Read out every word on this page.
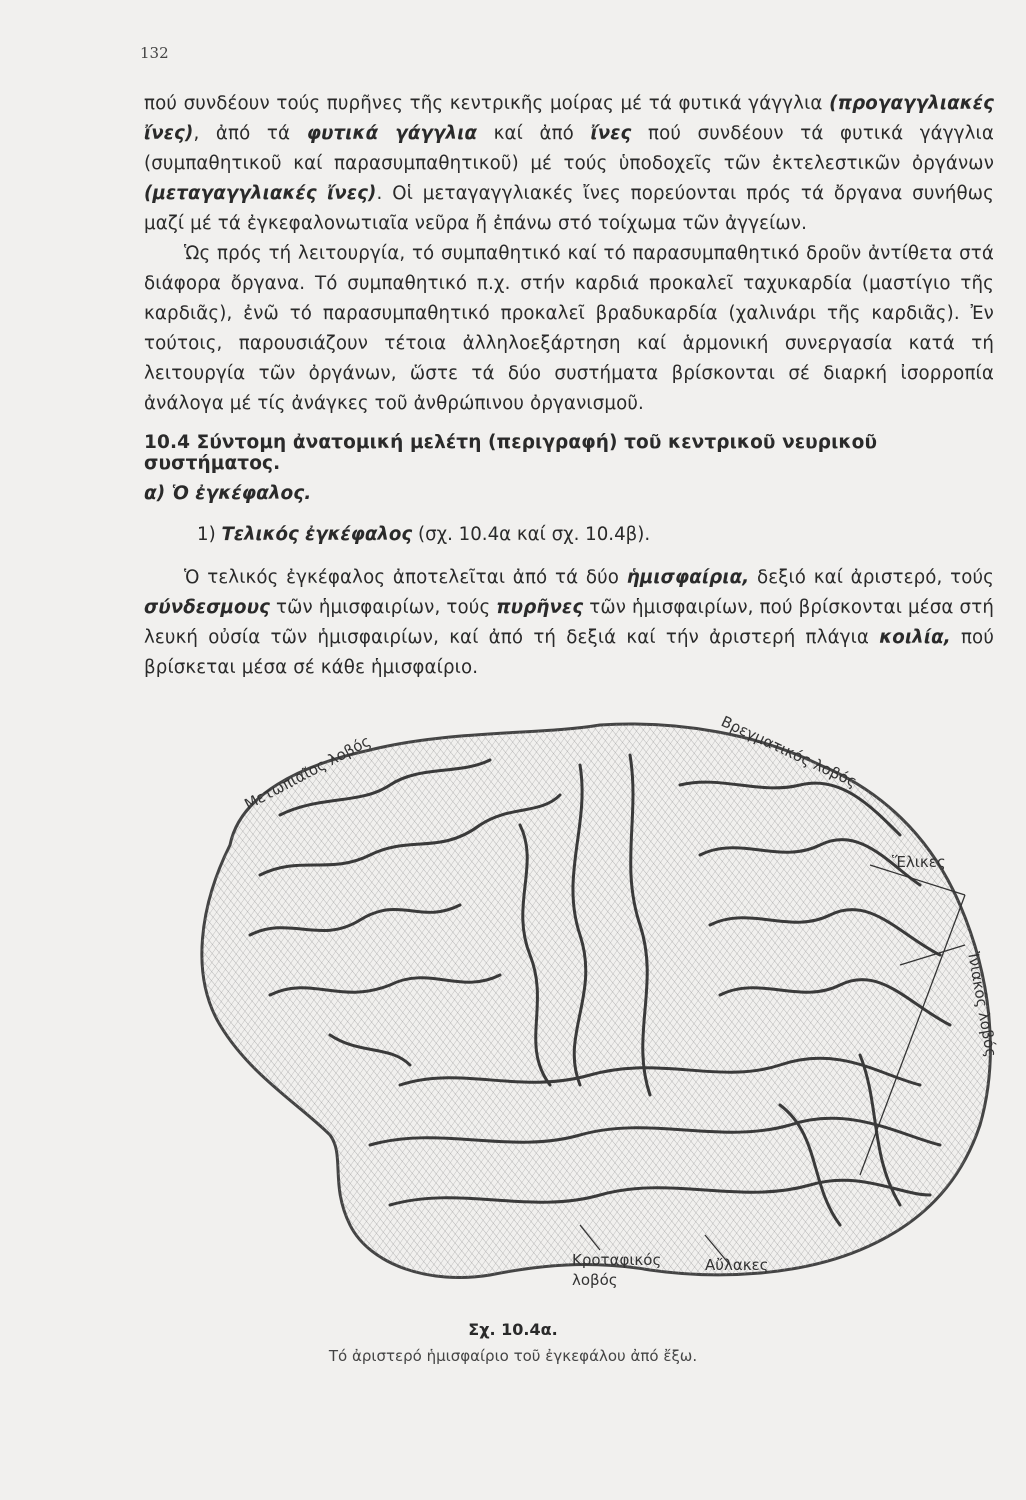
132

πού συνδέουν τούς πυρῆνες τῆς κεντρικῆς μοίρας μέ τά φυτικά γάγγλια (προγαγγλιακές ἴνες), ἀπό τά φυτικά γάγγλια καί ἀπό ἴνες πού συνδέουν τά φυτικά γάγγλια (συμπαθητικοῦ καί παρασυμπαθητικοῦ) μέ τούς ὑποδοχεῖς τῶν ἐκτελεστικῶν ὀργάνων (μεταγαγγλιακές ἴνες). Οἱ μεταγαγγλιακές ἴνες πορεύονται πρός τά ὄργανα συνήθως μαζί μέ τά ἐγκεφαλονωτιαῖα νεῦρα ἤ ἐπάνω στό τοίχωμα τῶν ἀγγείων.

Ὡς πρός τή λειτουργία, τό συμπαθητικό καί τό παρασυμπαθητικό δροῦν ἀντίθετα στά διάφορα ὄργανα. Τό συμπαθητικό π.χ. στήν καρδιά προκαλεῖ ταχυκαρδία (μαστίγιο τῆς καρδιᾶς), ἐνῶ τό παρασυμπαθητικό προκαλεῖ βραδυκαρδία (χαλινάρι τῆς καρδιᾶς). Ἐν τούτοις, παρουσιάζουν τέτοια ἀλληλοεξάρτηση καί ἁρμονική συνεργασία κατά τή λειτουργία τῶν ὀργάνων, ὥστε τά δύο συστήματα βρίσκονται σέ διαρκή ἰσορροπία ἀνάλογα μέ τίς ἀνάγκες τοῦ ἀνθρώπινου ὀργανισμοῦ.

10.4 Σύντομη ἀνατομική μελέτη (περιγραφή) τοῦ κεντρικοῦ νευρικοῦ συστήματος.
α) Ὁ ἐγκέφαλος.
1) Τελικός ἐγκέφαλος (σχ. 10.4α καί σχ. 10.4β).

Ὁ τελικός ἐγκέφαλος ἀποτελεῖται ἀπό τά δύο ἡμισφαίρια, δεξιό καί ἀριστερό, τούς σύνδεσμους τῶν ἡμισφαιρίων, τούς πυρῆνες τῶν ἡμισφαιρίων, πού βρίσκονται μέσα στή λευκή οὐσία τῶν ἡμισφαιρίων, καί ἀπό τή δεξιά καί τήν ἀριστερή πλάγια κοιλία, πού βρίσκεται μέσα σέ κάθε ἡμισφαίριο.

Μετωπιαῖος λοβός	Βρεγματικός λοβός
Ἕλικες
Ἰνιακός λοβός
Κροταφικός
λοβός
Αὔλακες
Σχ. 10.4α.
Τό ἀριστερό ἡμισφαίριο τοῦ ἐγκεφάλου ἀπό ἔξω.
